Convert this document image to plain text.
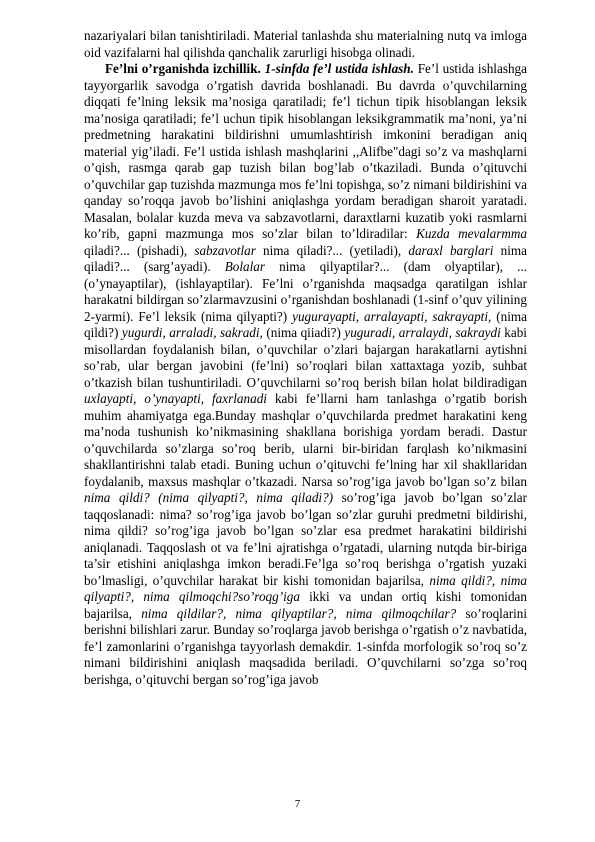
nazariyalari bilan tanishtiriladi. Material tanlashda shu materialning nutq va imloga oid vazifalarni hal qilishda qanchalik zarurligi hisobga olinadi.

Fe’lni o’rganishda izchillik. 1-sinfda fe’l ustida ishlash. Fe’l ustida ishlashga tayyorgarlik savodga o’rgatish davrida boshlanadi. Bu davrda o’quvchilarning diqqati fe’lning leksik ma’nosiga qaratiladi; fe’l tichun tipik hisoblangan leksik ma’nosiga qaratiladi; fe’l uchun tipik hisoblangan leksikgrammatik ma’noni, ya’ni predmetning harakatini bildirishni umumlashtirish imkonini beradigan aniq material yig’iladi. Fe’l ustida ishlash mashqlarini ,,Alifbe"dagi so’z va mashqlarni o’qish, rasmga qarab gap tuzish bilan bog’lab o’tkaziladi. Bunda o’qituvchi o’quvchilar gap tuzishda mazmunga mos fe’lni topishga, so’z nimani bildirishini va qanday so’roqqa javob bo’lishini aniqlashga yordam beradigan sharoit yaratadi. Masalan, bolalar kuzda meva va sabzavotlarni, daraxtlarni kuzatib yoki rasmlarni ko’rib, gapni mazmunga mos so’zlar bilan to’ldiradilar: Kuzda mevalarmma qiladi?... (pishadi), sabzavotlar nima qiladi?... (yetiladi), daraxl barglari nima qiladi?... (sarg’ayadi). Bolalar nima qilyaptilar?... (dam olyaptilar), ...(o’ynayaptilar), (ishlayaptilar). Fe’lni o’rganishda maqsadga qaratilgan ishlar harakatni bildirgan so’zlarmavzusini o’rganishdan boshlanadi (1-sinf o’quv yilining 2-yarmi). Fe’l leksik (nima qilyapti?) yugurayapti, arralayapti, sakrayapti, (nima qildi?) yugurdi, arraladi, sakradi, (nima qiiadi?) yuguradi, arralaydi, sakraydi kabi misollardan foydalanish bilan, o’quvchilar o’zlari bajargan harakatlarni aytishni so’rab, ular bergan javobini (fe’lni) so’roqlari bilan xattaxtaga yozib, suhbat o’tkazish bilan tushuntiriladi. O’quvchilarni so’roq berish bilan holat bildiradigan uxlayapti, o’ynayapti, faxrlanadi kabi fe’llarni ham tanlashga o’rgatib borish muhim ahamiyatga ega.Bunday mashqlar o’quvchilarda predmet harakatini keng ma’noda tushunish ko’nikmasining shakllana borishiga yordam beradi. Dastur o’quvchilarda so’zlarga so’roq berib, ularni bir-biridan farqlash ko’nikmasini shakllantirishni talab etadi. Buning uchun o’qituvchi fe’lning har xil shakllaridan foydalanib, maxsus mashqlar o’tkazadi. Narsa so’rog’iga javob bo’lgan so’z bilan nima qildi? (nima qilyapti?, nima qiladi?) so’rog’iga javob bo’lgan so’zlar taqqoslanadi: nima? so’rog’iga javob bo’lgan so’zlar guruhi predmetni bildirishi, nima qildi? so’rog’iga javob bo’lgan so’zlar esa predmet harakatini bildirishi aniqlanadi. Taqqoslash ot va fe’lni ajratishga o’rgatadi, ularning nutqda bir-biriga ta’sir etishini aniqlashga imkon beradi.Fe’lga so’roq berishga o’rgatish yuzaki bo’lmasligi, o’quvchilar harakat bir kishi tomonidan bajarilsa, nima qildi?, nima qilyapti?, nima qilmoqchi?so’roqg’iga ikki va undan ortiq kishi tomonidan bajarilsa, nima qildilar?, nima qilyaptilar?, nima qilmoqchilar? so’roqlarini berishni bilishlari zarur. Bunday so’roqlarga javob berishga o’rgatish o’z navbatida, fe’l zamonlarini o’rganishga tayyorlash demakdir. 1-sinfda morfologik so’roq so’z nimani bildirishini aniqlash maqsadida beriladi. O’quvchilarni so’zga so’roq berishga, o’qituvchi bergan so’rog’iga javob

7
